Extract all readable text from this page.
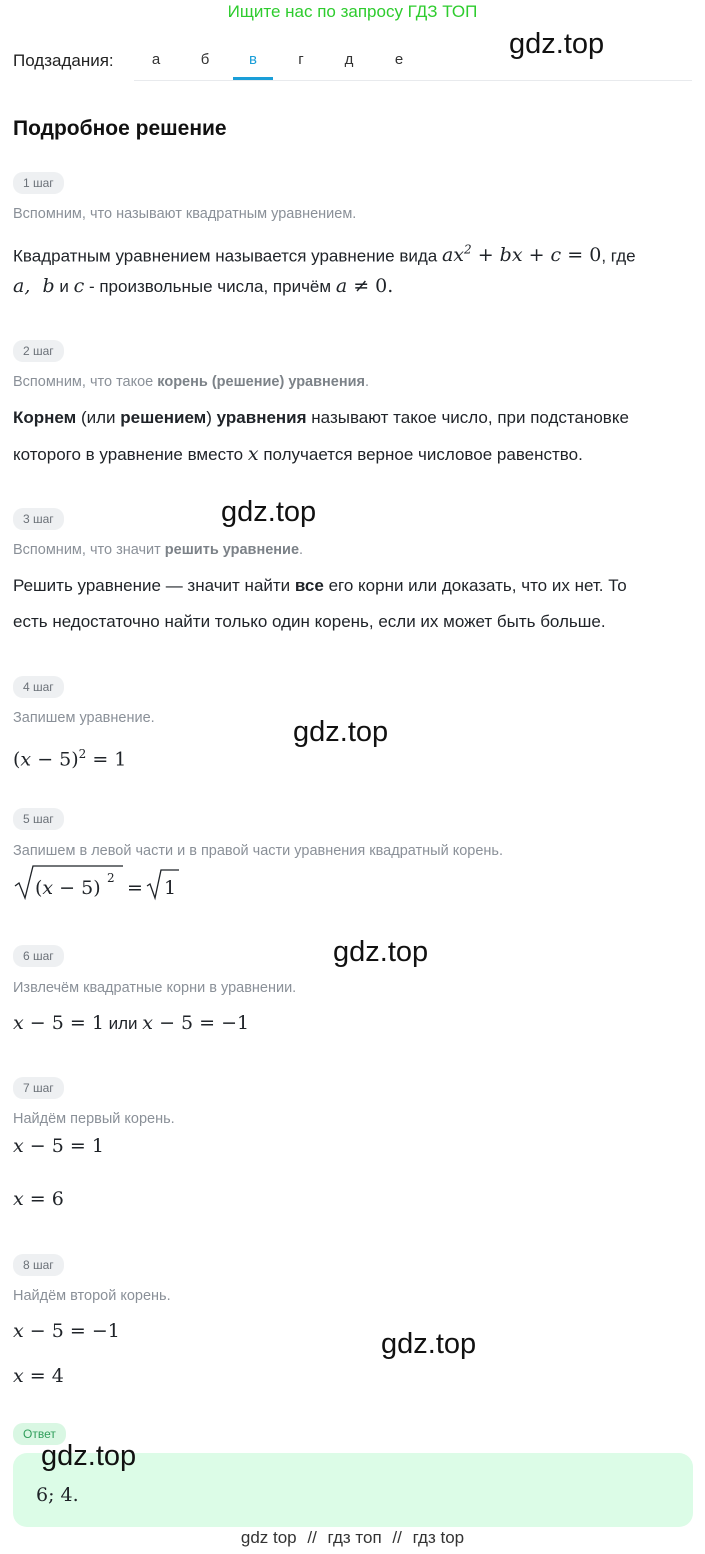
Ищите нас по запросу ГДЗ ТОП
Подзадания:	а	б	в	г	д	е	gdz.top
gdz.top
gdz.top
gdz.top
gdz.top
Подробное решение
1 шаг
Вспомним, что называют квадратным уравнением.
Квадратным уравнением называется уравнение вида $ax^2$ + bx + c = 0, где
a,  b и c - произвольные числа, причём a ≠ 0.
2 шаг
Вспомним, что такое корень (решение) уравнения.
Корнем (или решением) уравнения называют такое число, при подстановке
которого в уравнение вместо x получается верное числовое равенство.
3 шаг
Вспомним, что значит решить уравнение.
Решить уравнение — значит найти все его корни или доказать, что их нет. То
есть недостаточно найти только один корень, если их может быть больше.
4 шаг
Запишем уравнение.
$(x - 5)^2 = 1$
5 шаг
Запишем в левой части и в правой части уравнения квадратный корень.
(x − 5) 2 = 1
6 шаг
Извлечём квадратные корни в уравнении.
x − 5 = 1 или x − 5 = −1
7 шаг
Найдём первый корень.
x − 5 = 1
x = 6
8 шаг
Найдём второй корень.
x − 5 = −1
x = 4
Ответ
gdz.top
6; 4.
gdz top // гдз топ // гдз top
